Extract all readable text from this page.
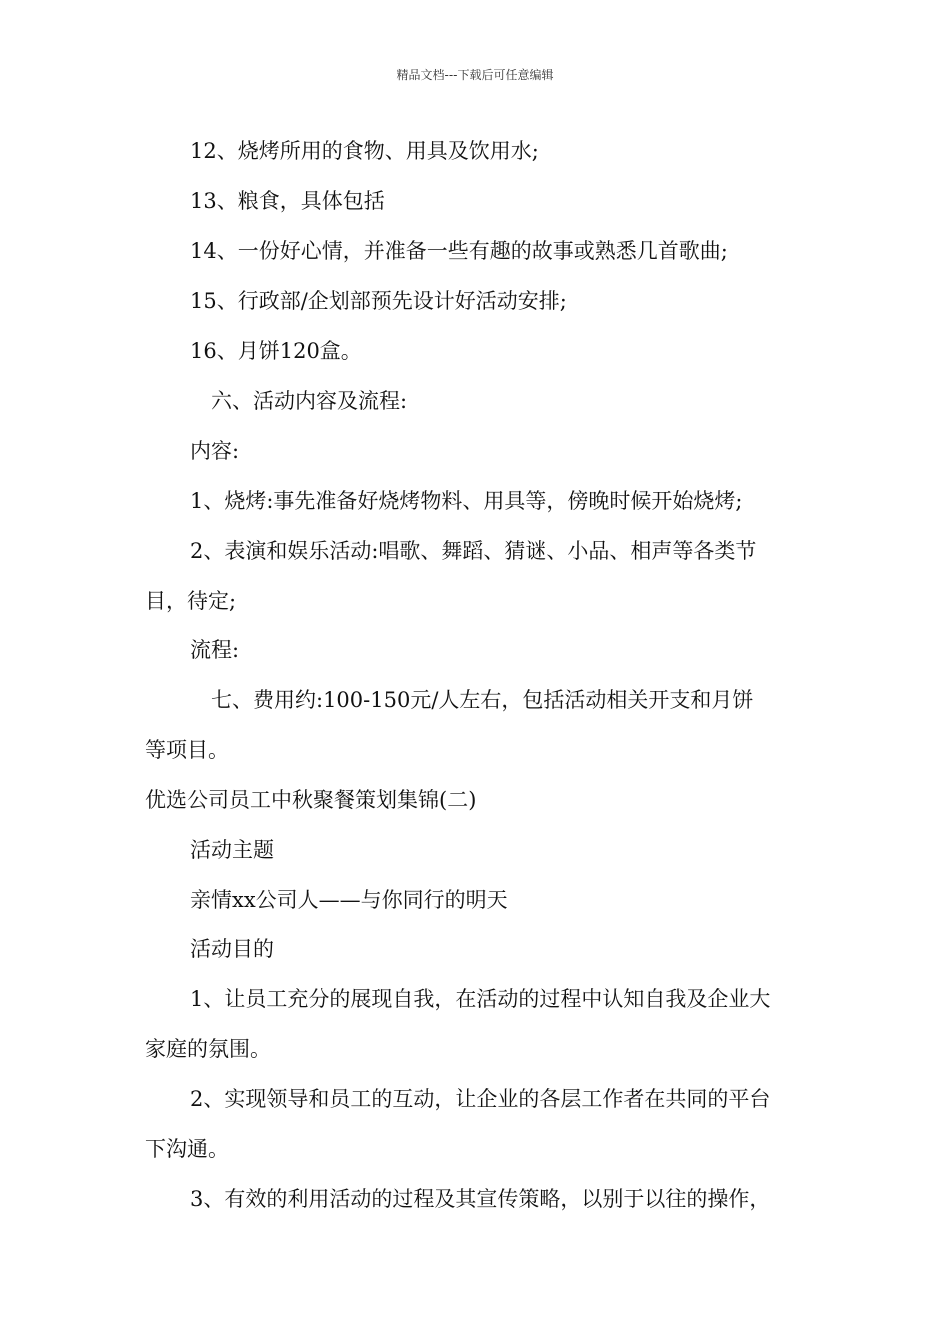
精品文档---下载后可任意编辑
12、烧烤所用的食物、用具及饮用水;
13、粮食，具体包括
14、一份好心情，并准备一些有趣的故事或熟悉几首歌曲;
15、行政部/企划部预先设计好活动安排;
16、月饼120盒。
六、活动内容及流程:
内容:
1、烧烤:事先准备好烧烤物料、用具等，傍晚时候开始烧烤;
2、表演和娱乐活动:唱歌、舞蹈、猜谜、小品、相声等各类节
目，待定;
流程:
七、费用约:100-150元/人左右，包括活动相关开支和月饼
等项目。
优选公司员工中秋聚餐策划集锦(二)
活动主题
亲情xx公司人——与你同行的明天
活动目的
1、让员工充分的展现自我，在活动的过程中认知自我及企业大
家庭的氛围。
2、实现领导和员工的互动，让企业的各层工作者在共同的平台
下沟通。
3、有效的利用活动的过程及其宣传策略，以别于以往的操作，
